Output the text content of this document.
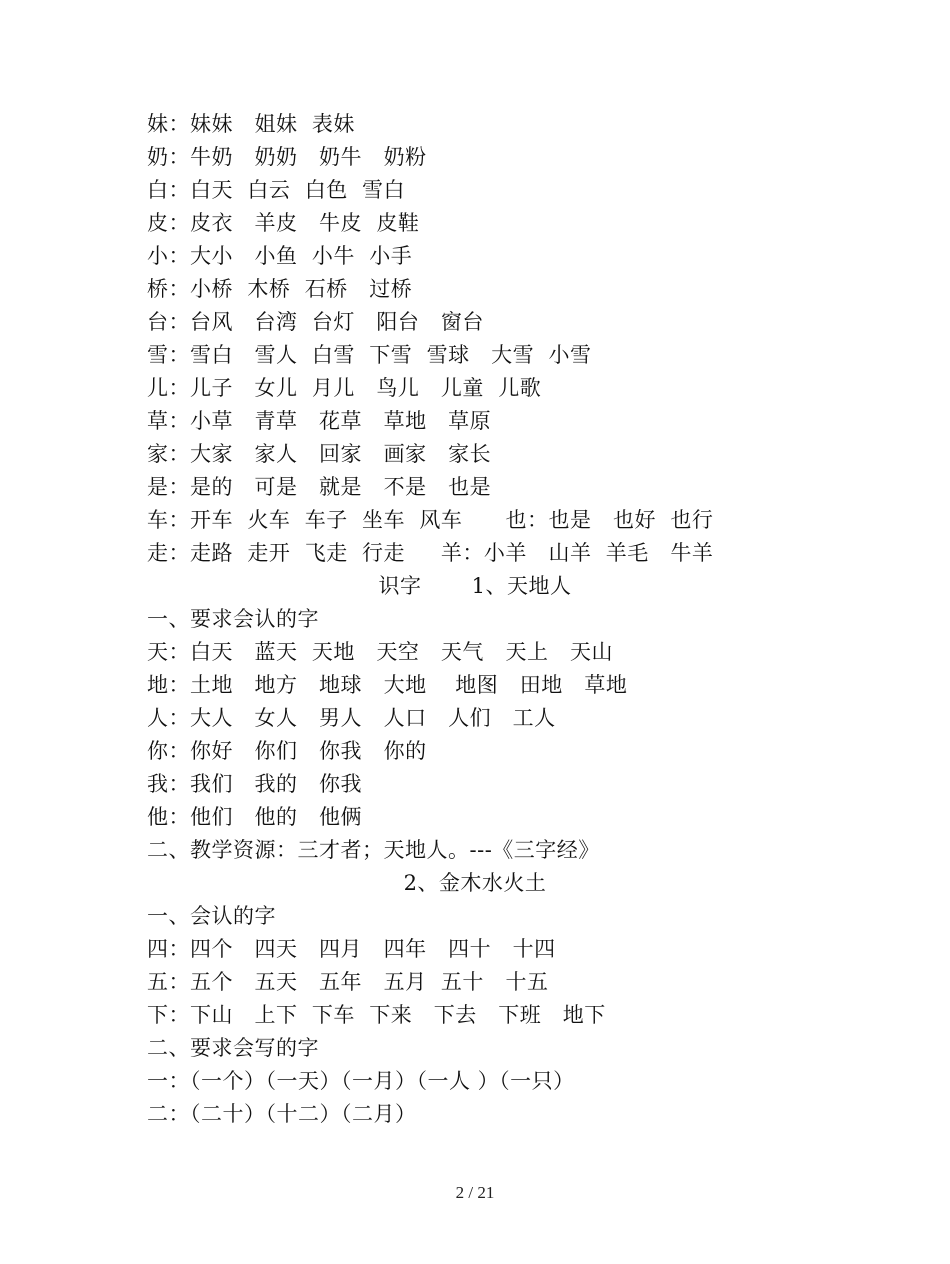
妹：妹妹   姐妹  表妹
奶：牛奶   奶奶   奶牛   奶粉
白：白天  白云  白色  雪白
皮：皮衣   羊皮   牛皮  皮鞋
小：大小   小鱼  小牛  小手
桥：小桥  木桥  石桥   过桥
台：台风   台湾  台灯   阳台   窗台
雪：雪白   雪人  白雪  下雪  雪球   大雪  小雪
儿：儿子   女儿  月儿   鸟儿   儿童  儿歌
草：小草   青草   花草   草地   草原
家：大家   家人   回家   画家   家长
是：是的   可是   就是   不是   也是
车：开车  火车  车子  坐车  风车      也：也是   也好  也行
走：走路  走开  飞走  行走     羊：小羊   山羊  羊毛   牛羊
识字       1、天地人
一、要求会认的字
天：白天   蓝天  天地   天空   天气   天上   天山
地：土地   地方   地球   大地    地图   田地   草地
人：大人   女人   男人   人口   人们   工人
你：你好   你们   你我   你的
我：我们   我的   你我
他：他们   他的   他俩
二、教学资源：三才者；天地人。---《三字经》
2、金木水火土
一、会认的字
四：四个   四天   四月   四年   四十   十四
五：五个   五天   五年   五月  五十   十五
下：下山   上下  下车  下来   下去   下班   地下
二、要求会写的字
一：（一个）（一天）（一月）（一人 ）（一只）
二：（二十）（十二）（二月）
2 / 21
